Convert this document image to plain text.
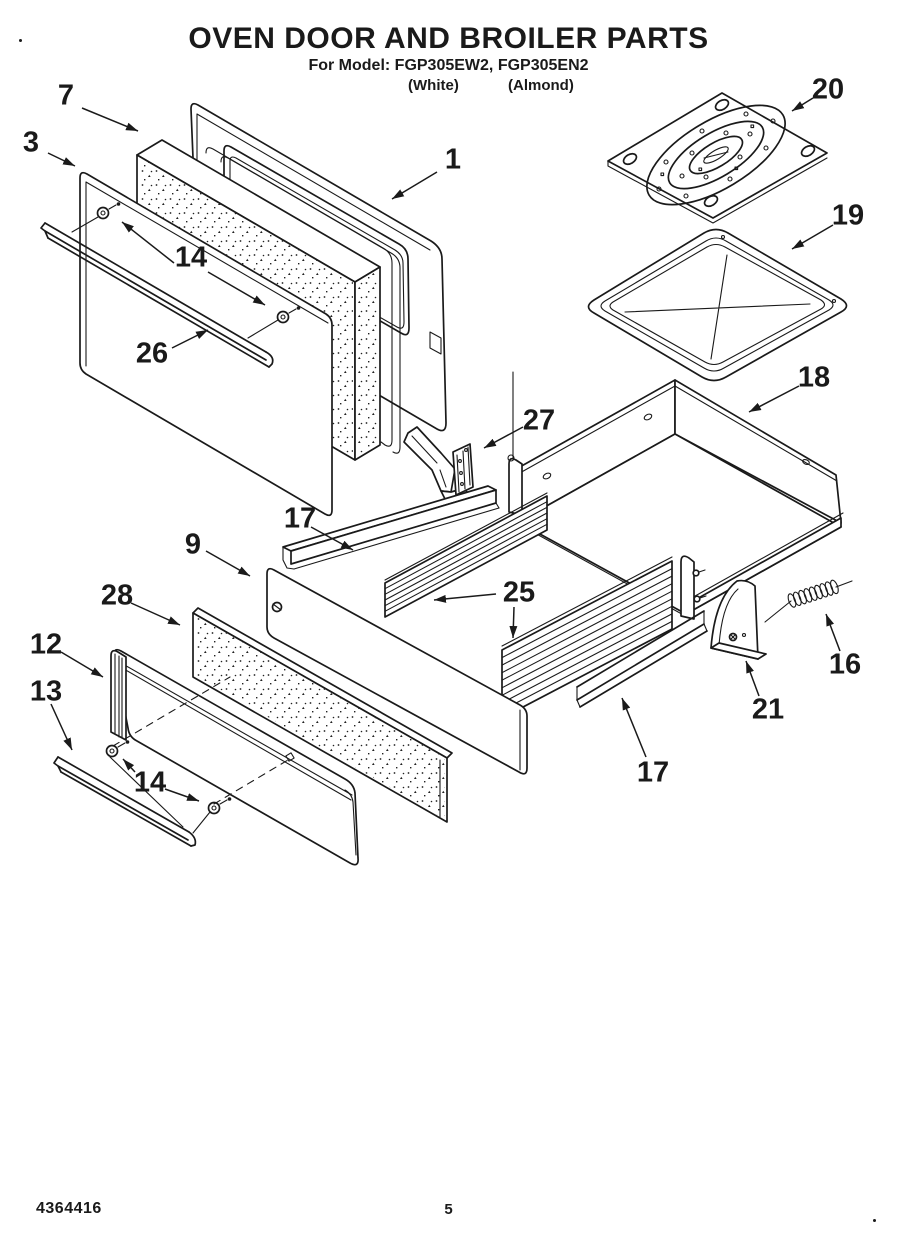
OVEN DOOR AND BROILER PARTS
For Model: FGP305EW2, FGP305EN2
(White)	(Almond)
7
3
1
14
26
20
19
18
27
17
9
28	25
12
13
14
16
21
17
4364416	5
